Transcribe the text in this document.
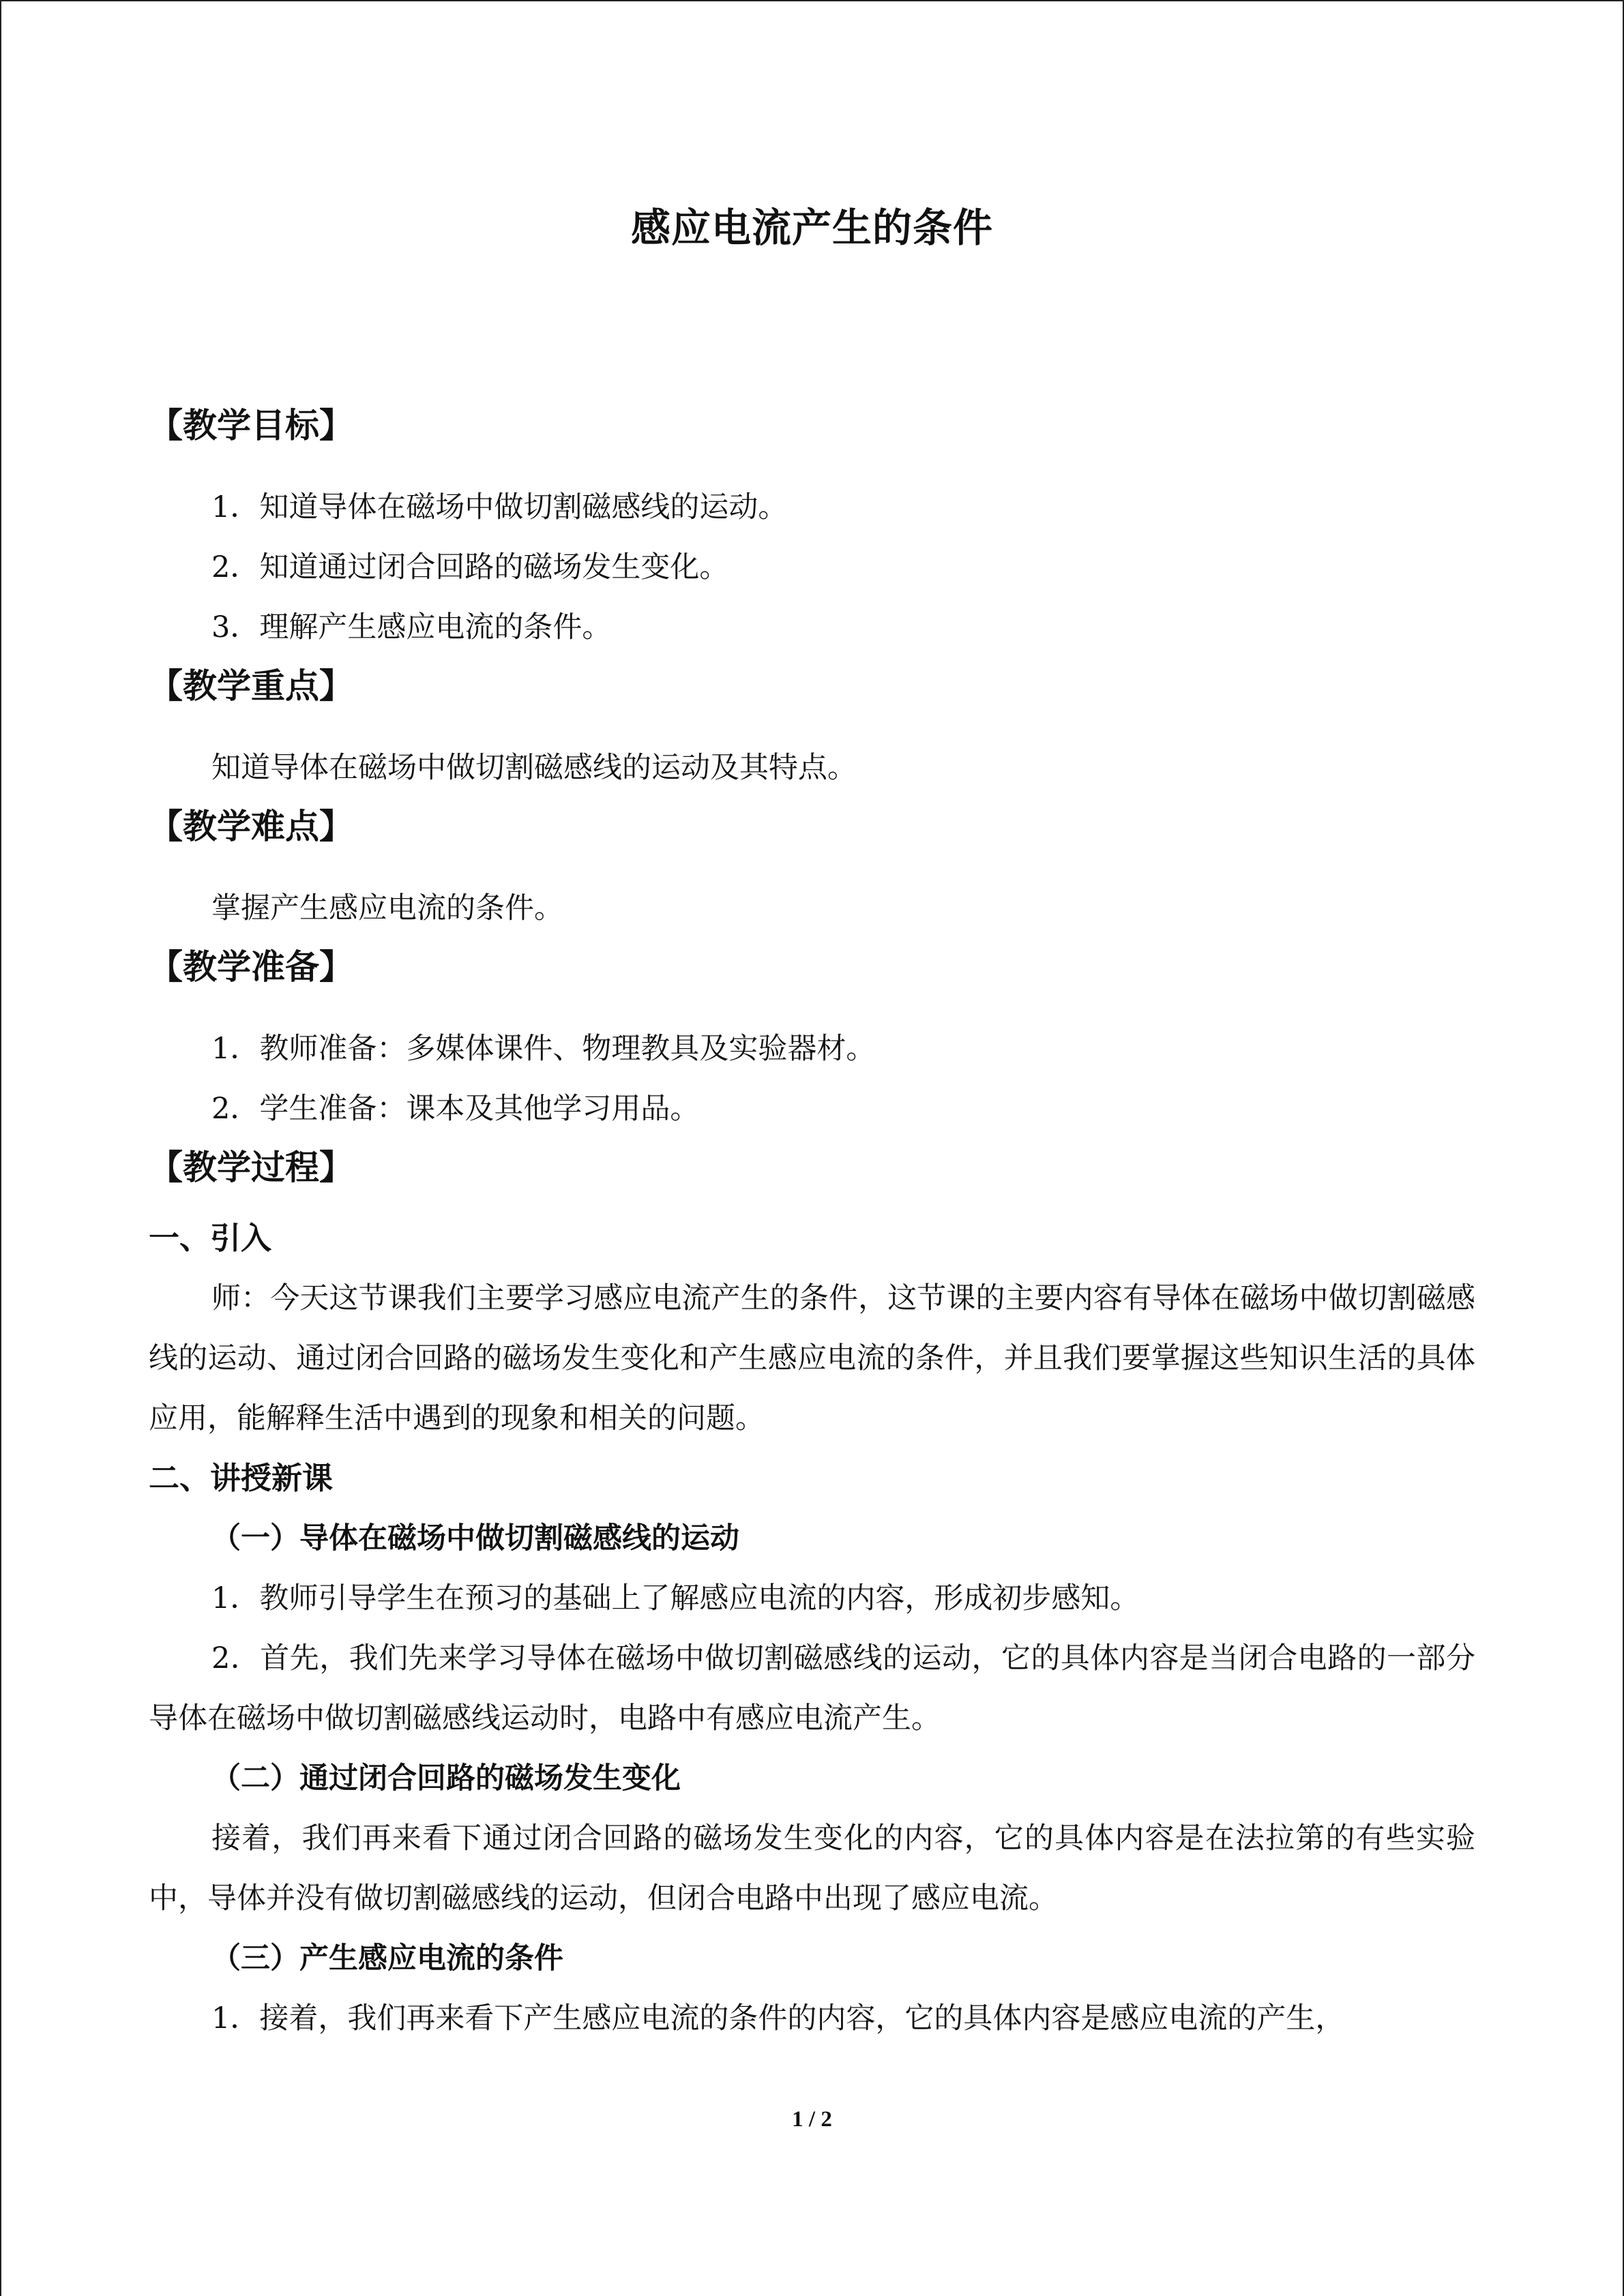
感应电流产生的条件
【教学目标】

1．知道导体在磁场中做切割磁感线的运动。

2．知道通过闭合回路的磁场发生变化。

3．理解产生感应电流的条件。

【教学重点】

知道导体在磁场中做切割磁感线的运动及其特点。

【教学难点】

掌握产生感应电流的条件。

【教学准备】

1．教师准备：多媒体课件、物理教具及实验器材。

2．学生准备：课本及其他学习用品。

【教学过程】
一、引入

师：今天这节课我们主要学习感应电流产生的条件，这节课的主要内容有导体在磁场中做切割磁感线的运动、通过闭合回路的磁场发生变化和产生感应电流的条件，并且我们要掌握这些知识生活的具体应用，能解释生活中遇到的现象和相关的问题。

二、讲授新课
（一）导体在磁场中做切割磁感线的运动

1．教师引导学生在预习的基础上了解感应电流的内容，形成初步感知。

2．首先，我们先来学习导体在磁场中做切割磁感线的运动，它的具体内容是当闭合电路的一部分导体在磁场中做切割磁感线运动时，电路中有感应电流产生。

（二）通过闭合回路的磁场发生变化

接着，我们再来看下通过闭合回路的磁场发生变化的内容，它的具体内容是在法拉第的有些实验中，导体并没有做切割磁感线的运动，但闭合电路中出现了感应电流。

（三）产生感应电流的条件

1．接着，我们再来看下产生感应电流的条件的内容，它的具体内容是感应电流的产生，

1 / 2
